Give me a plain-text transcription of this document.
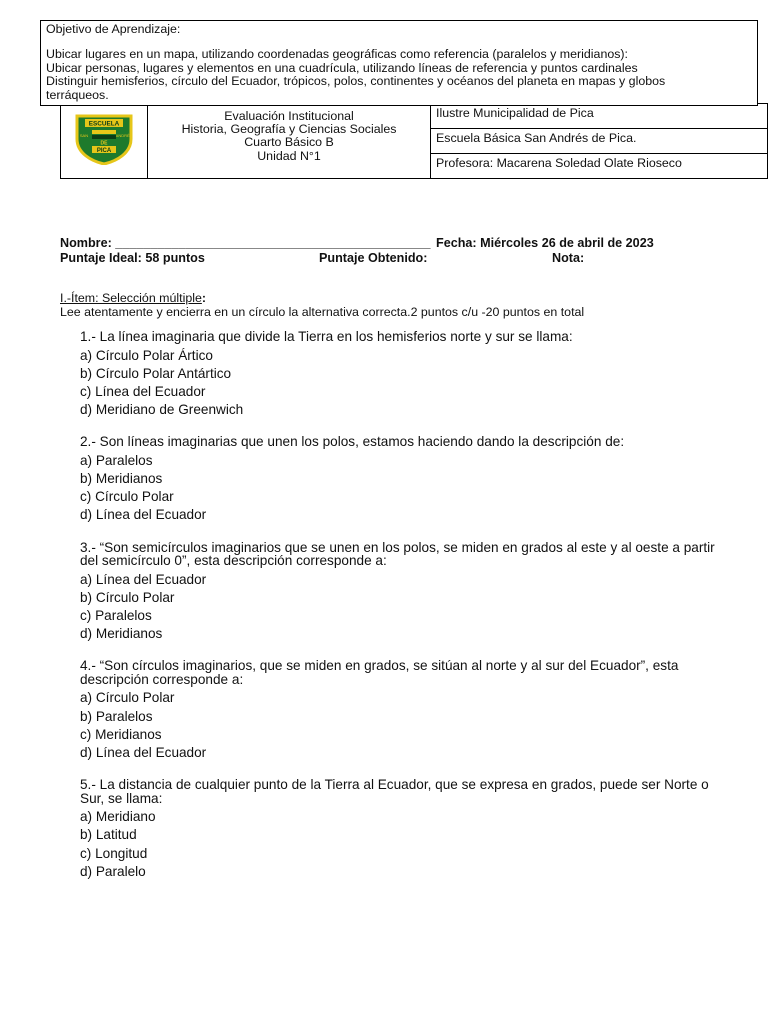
Objetivo de Aprendizaje:
Ubicar lugares en un mapa, utilizando coordenadas geográficas como referencia (paralelos y meridianos):
Ubicar personas, lugares y elementos en una cuadrícula, utilizando líneas de referencia y puntos cardinales
Distinguir hemisferios, círculo del Ecuador, trópicos, polos, continentes y océanos del planeta en mapas y globos
terráqueos.
ESCUELA
SAN	ANDRÉS
DE
PICA

Evaluación Institucional
Historia, Geografía y Ciencias Sociales
Cuarto Básico B
Unidad N°1
	Ilustre Municipalidad de Pica
Escuela Básica San Andrés de Pica.
Profesora: Macarena Soledad Olate Rioseco
Nombre: _____________________________________________ Fecha: Miércoles 26 de abril de 2023
Puntaje Ideal: 58 puntos	Puntaje Obtenido:	Nota:
I.-Ítem: Selección múltiple:
Lee atentamente y encierra en un círculo la alternativa correcta.2 puntos c/u -20 puntos en total
1.- La línea imaginaria que divide la Tierra en los hemisferios norte y sur se llama:
a) Círculo Polar Ártico
b) Círculo Polar Antártico
c) Línea del Ecuador
d) Meridiano de Greenwich
2.- Son líneas imaginarias que unen los polos, estamos haciendo dando la descripción de:
a) Paralelos
b) Meridianos
c) Círculo Polar
d) Línea del Ecuador
3.- “Son semicírculos imaginarios que se unen en los polos, se miden en grados al este y al oeste a partir del semicírculo 0”, esta descripción corresponde a:
a) Línea del Ecuador
b) Círculo Polar
c) Paralelos
d) Meridianos
4.- “Son círculos imaginarios, que se miden en grados, se sitúan al norte y al sur del Ecuador”, esta descripción corresponde a:
a) Círculo Polar
b) Paralelos
c) Meridianos
d) Línea del Ecuador
5.- La distancia de cualquier punto de la Tierra al Ecuador, que se expresa en grados, puede ser Norte o Sur, se llama:
a) Meridiano
b) Latitud
c) Longitud
d) Paralelo
